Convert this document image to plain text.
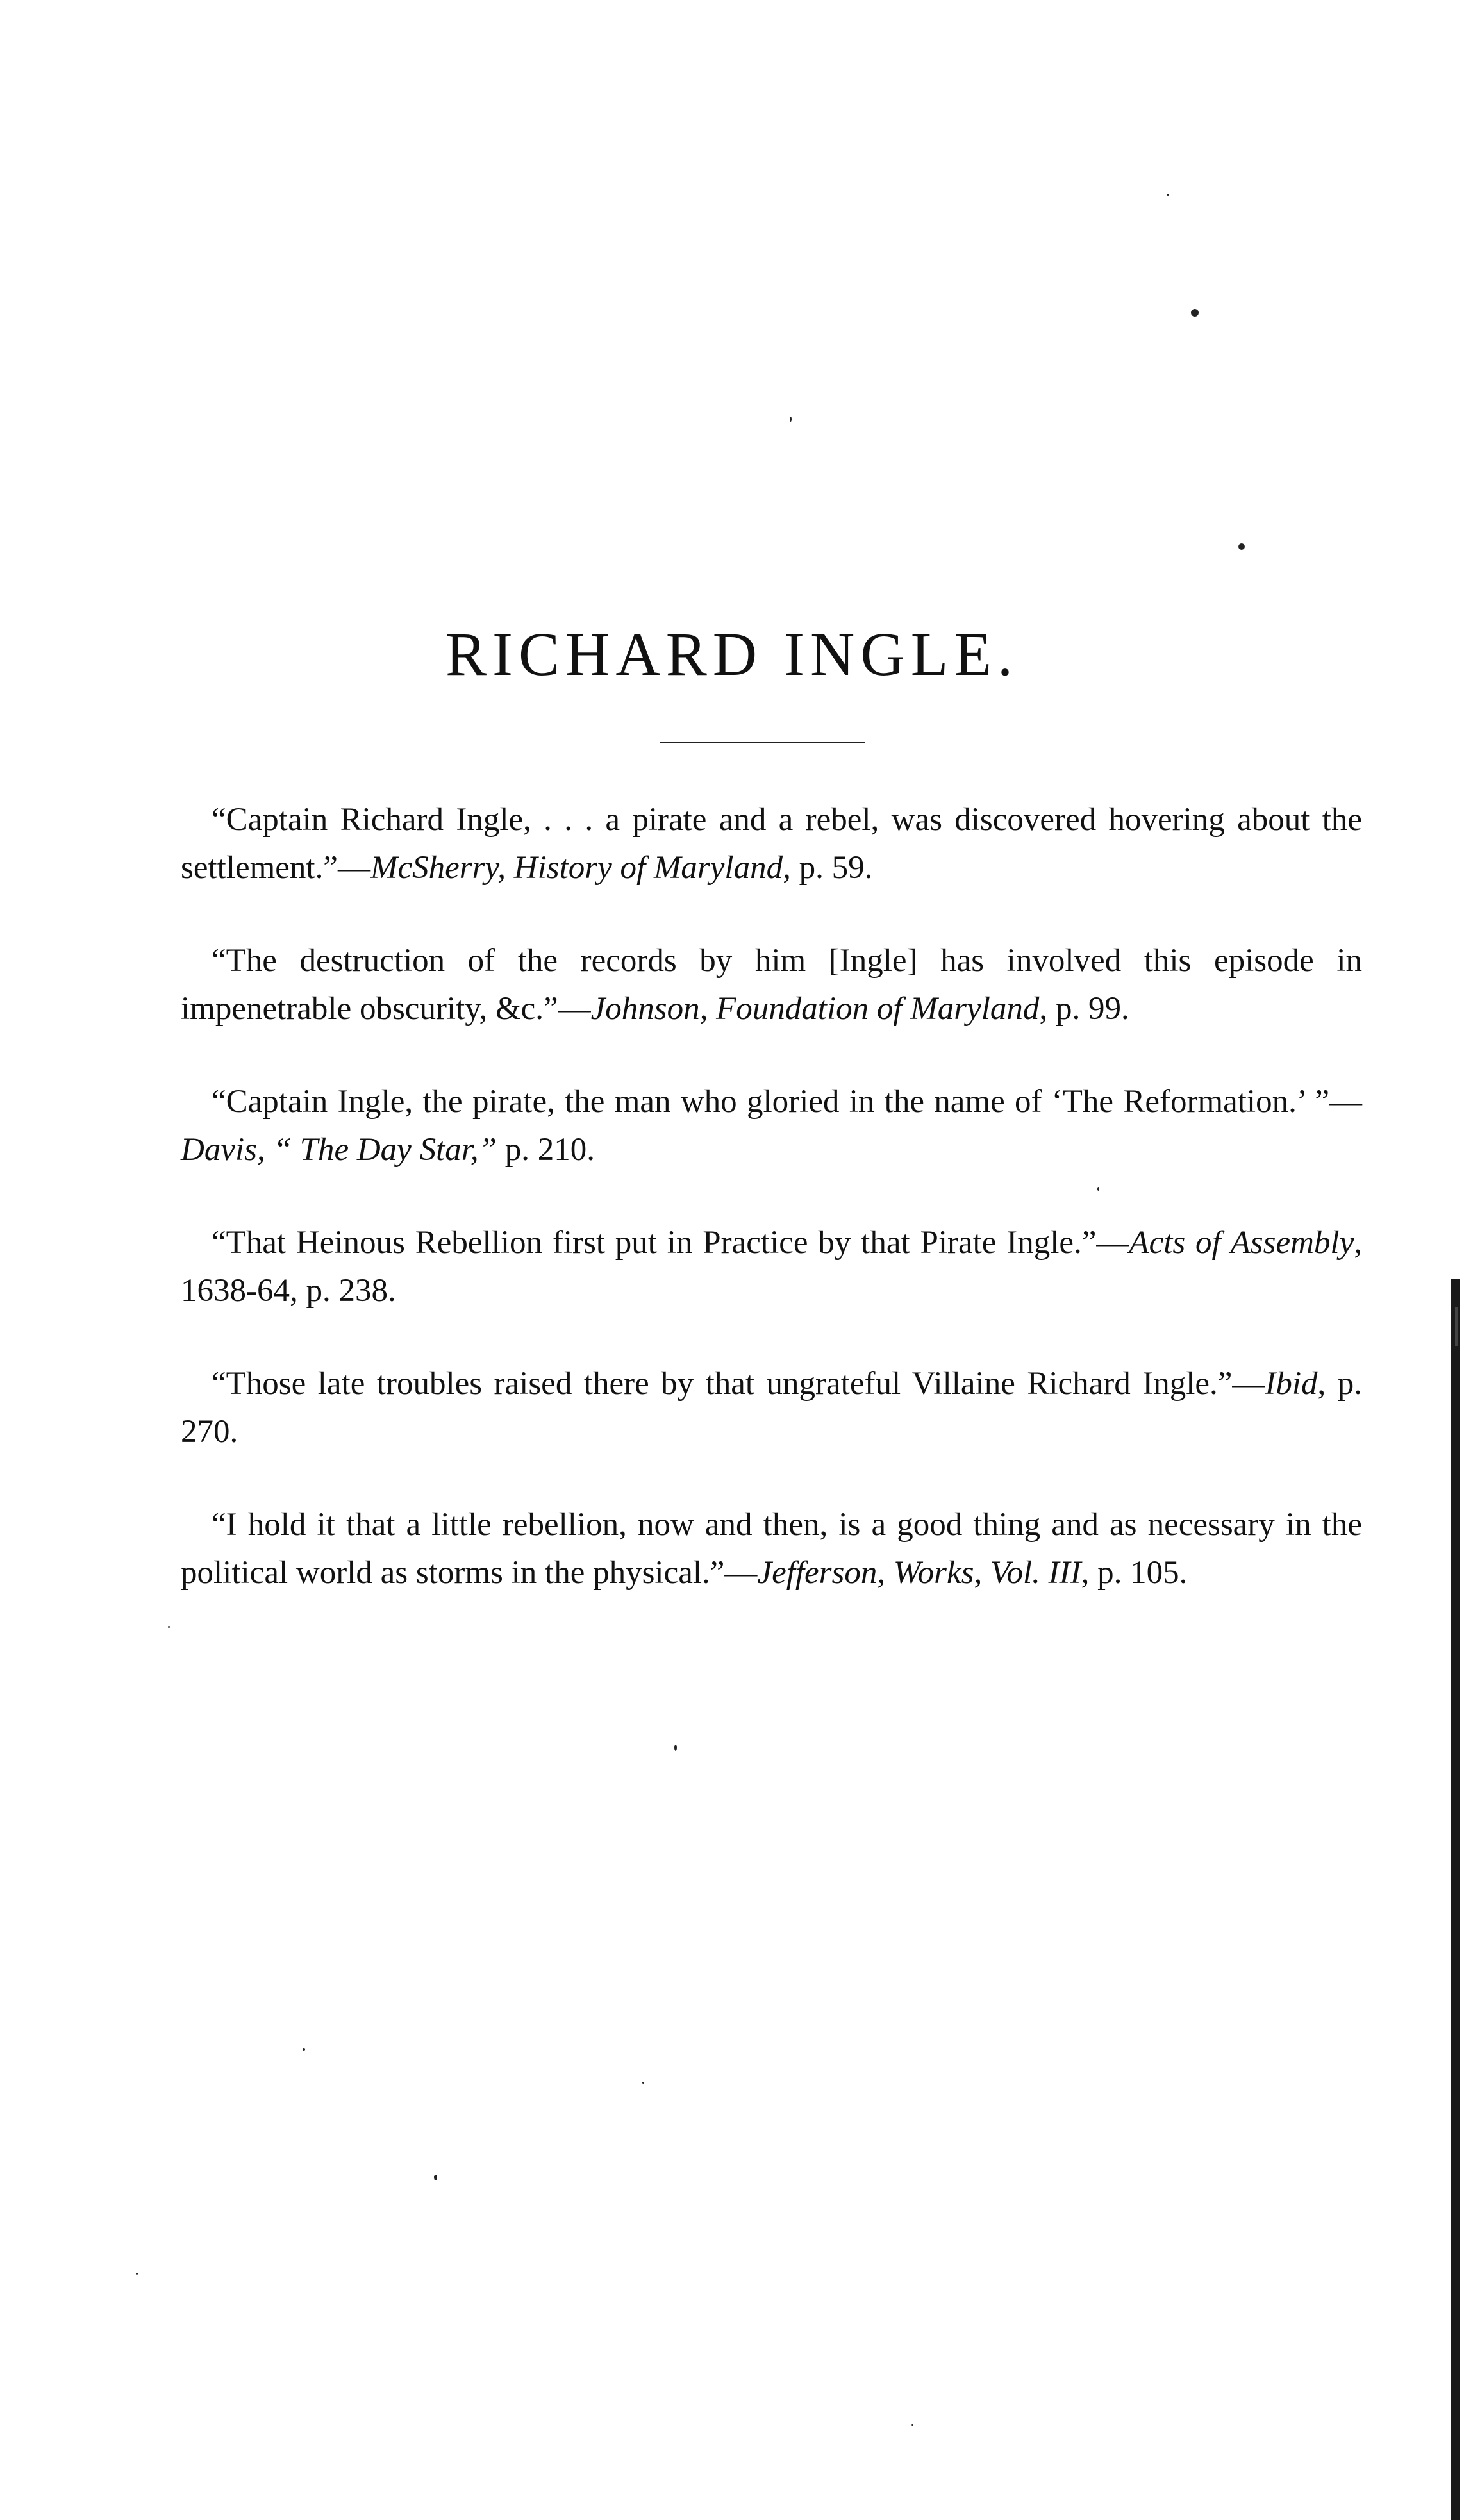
RICHARD INGLE.

“Captain Richard Ingle, . . . a pirate and a rebel, was discovered hovering about the settlement.”—McSherry, History of Maryland, p. 59.

“The destruction of the records by him [Ingle] has involved this episode in impenetrable obscurity, &c.”—Johnson, Foundation of Maryland, p. 99.

“Captain Ingle, the pirate, the man who gloried in the name of ‘The Reformation.’ ”—Davis, “ The Day Star,” p. 210.

“That Heinous Rebellion first put in Practice by that Pirate Ingle.”—Acts of Assembly, 1638-64, p. 238.

“Those late troubles raised there by that ungrateful Villaine Richard Ingle.”—Ibid, p. 270.

“I hold it that a little rebellion, now and then, is a good thing and as necessary in the political world as storms in the physical.”—Jefferson, Works, Vol. III, p. 105.
